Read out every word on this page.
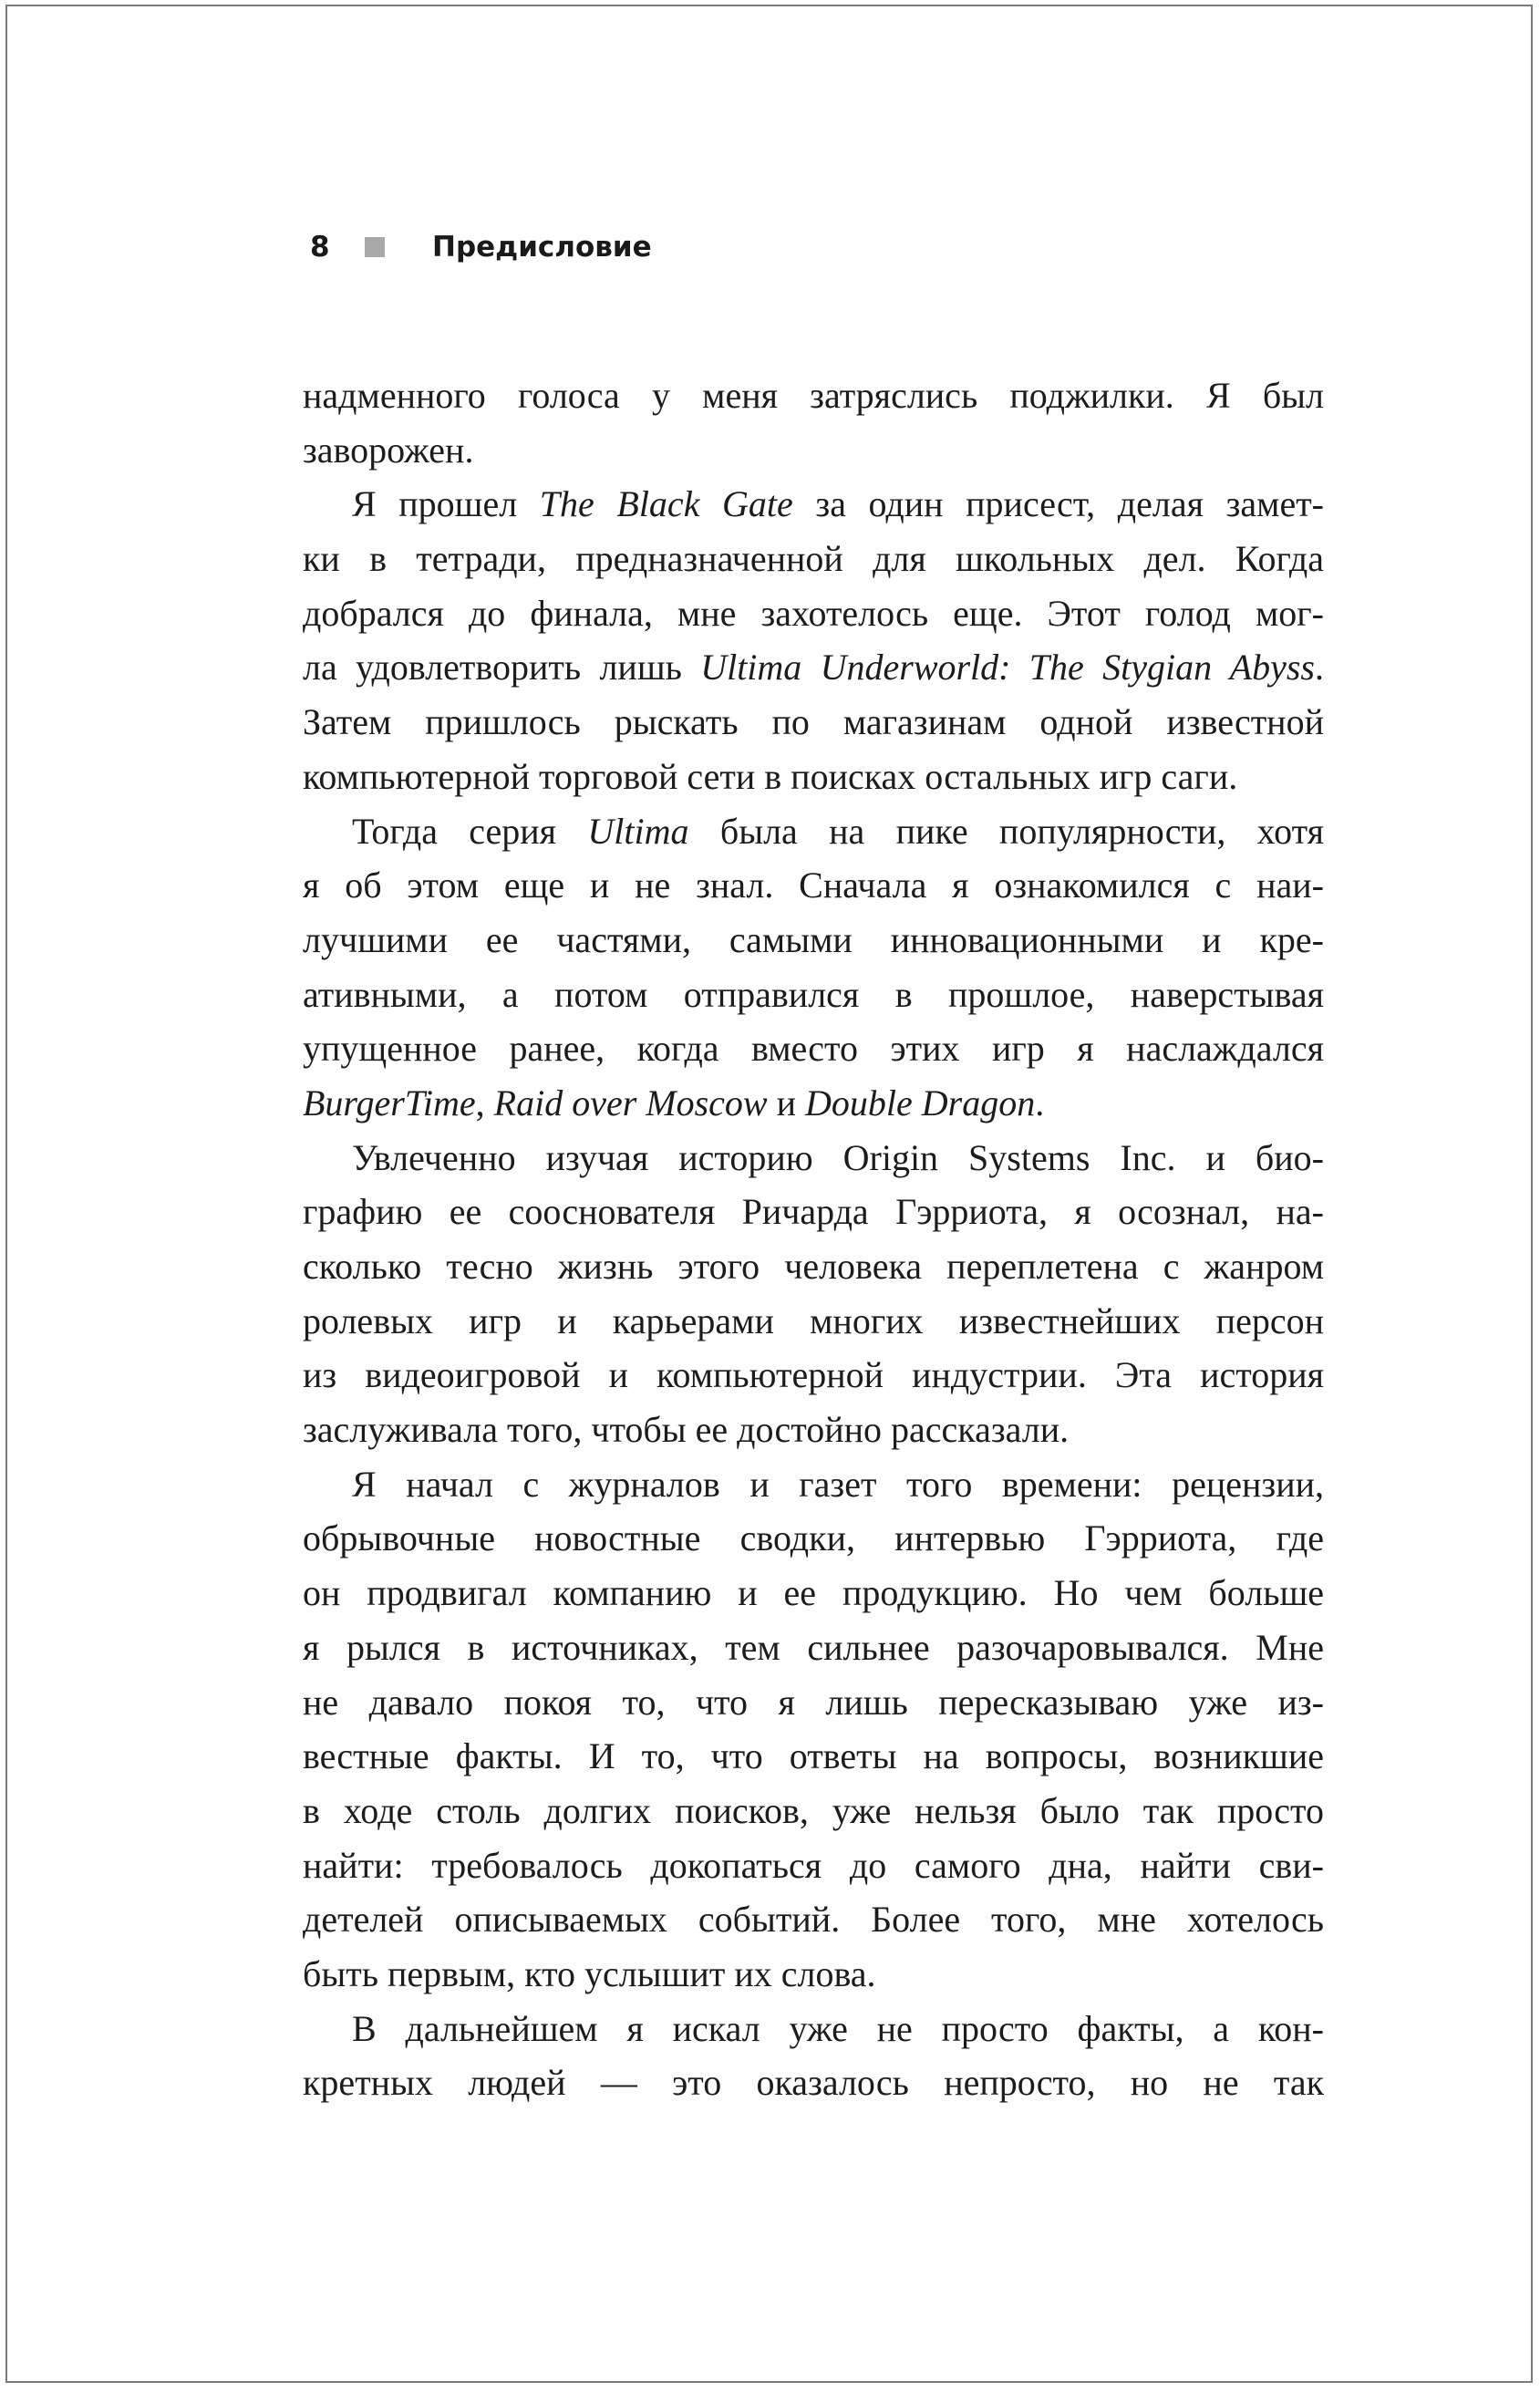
8	Предисловие
надменного голоса у меня затряслись поджилки. Я был
заворожен.
Я прошел The Black Gate за один присест, делая замет-
ки в тетради, предназначенной для школьных дел. Когда
добрался до финала, мне захотелось еще. Этот голод мог-
ла удовлетворить лишь Ultima Underworld: The Stygian Abyss.
Затем пришлось рыскать по магазинам одной известной
компьютерной торговой сети в поисках остальных игр саги.
Тогда серия Ultima была на пике популярности, хотя
я об этом еще и не знал. Сначала я ознакомился с наи-
лучшими ее частями, самыми инновационными и кре-
ативными, а потом отправился в прошлое, наверстывая
упущенное ранее, когда вместо этих игр я наслаждался
BurgerTime, Raid over Moscow и Double Dragon.
Увлеченно изучая историю Origin Systems Inc. и био-
графию ее сооснователя Ричарда Гэрриота, я осознал, на-
сколько тесно жизнь этого человека переплетена с жанром
ролевых игр и карьерами многих известнейших персон
из видеоигровой и компьютерной индустрии. Эта история
заслуживала того, чтобы ее достойно рассказали.
Я начал с журналов и газет того времени: рецензии,
обрывочные новостные сводки, интервью Гэрриота, где
он продвигал компанию и ее продукцию. Но чем больше
я рылся в источниках, тем сильнее разочаровывался. Мне
не давало покоя то, что я лишь пересказываю уже из-
вестные факты. И то, что ответы на вопросы, возникшие
в ходе столь долгих поисков, уже нельзя было так просто
найти: требовалось докопаться до самого дна, найти сви-
детелей описываемых событий. Более того, мне хотелось
быть первым, кто услышит их слова.
В дальнейшем я искал уже не просто факты, а кон-
кретных людей — это оказалось непросто, но не так
